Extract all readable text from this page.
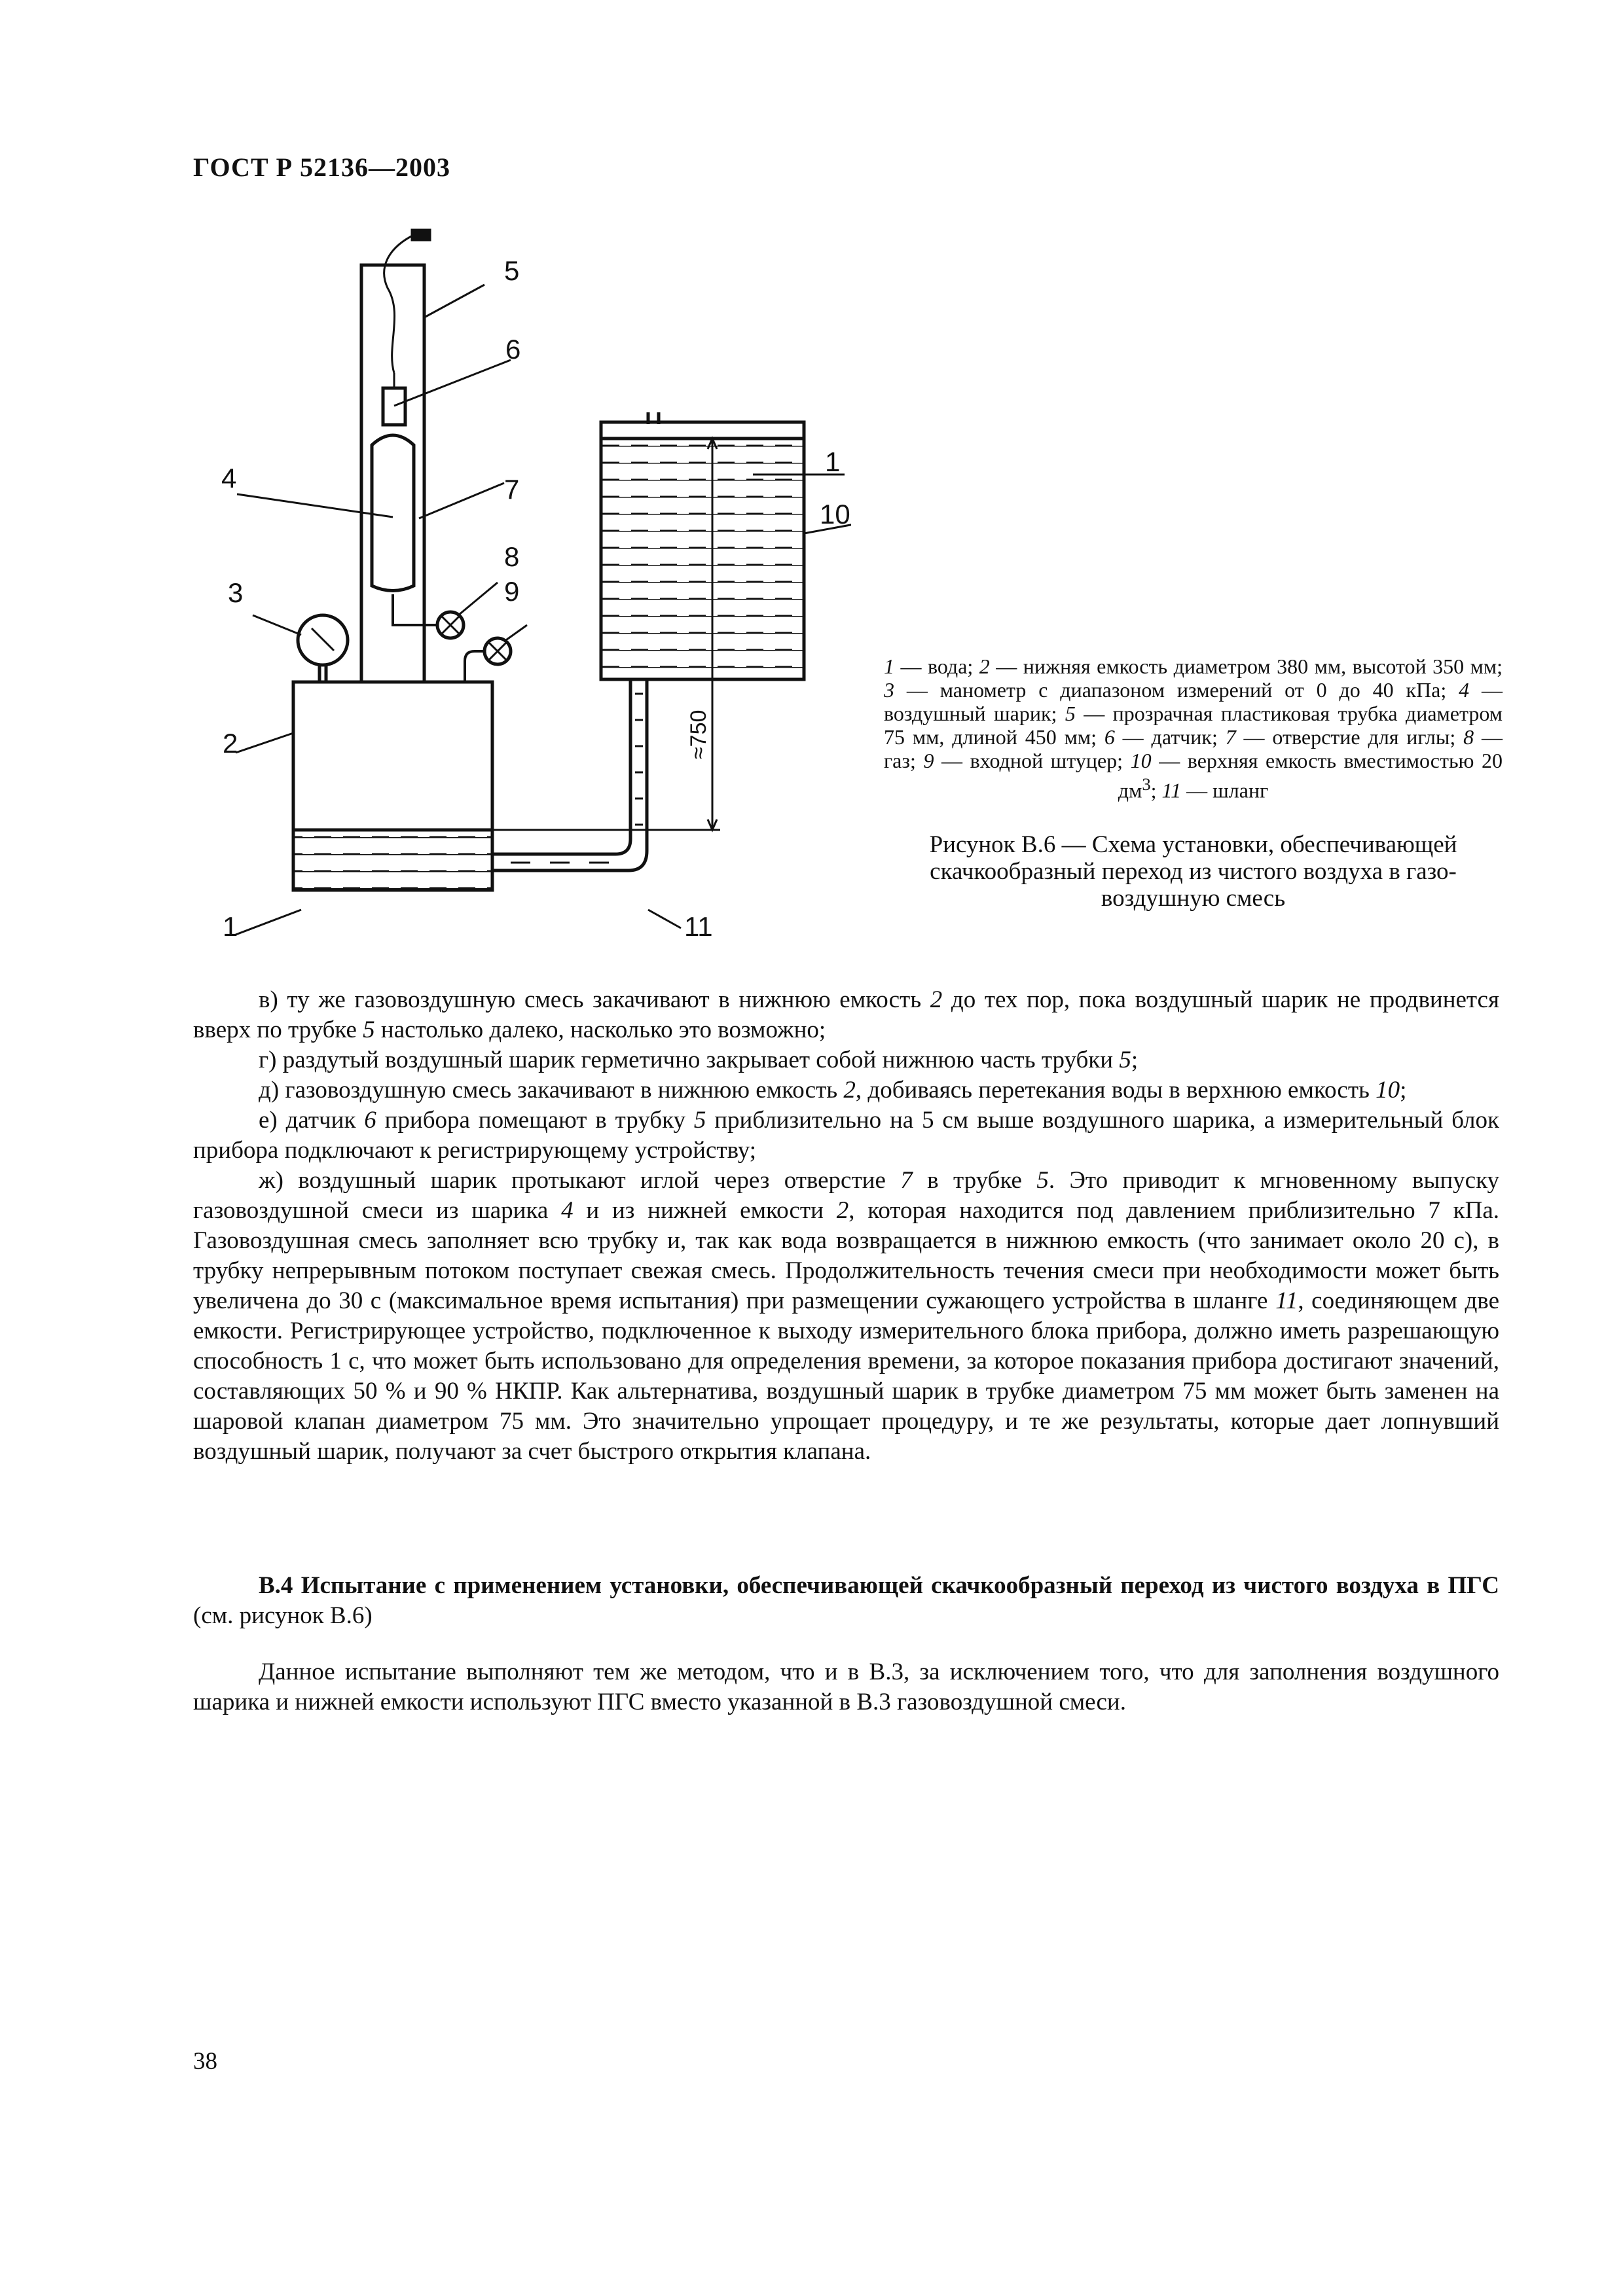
ГОСТ Р 52136—2003
≈750
5
6
4	7
8
9
3
2
1
1
10
11
1 — вода; 2 — нижняя емкость диаметром 380 мм, высотой 350 мм; 3 — манометр с диапазоном измерений от 0 до 40 кПа; 4 — воздушный шарик; 5 — прозрачная пластиковая трубка диаметром 75 мм, длиной 450 мм; 6 — датчик; 7 — отверстие для иглы; 8 — газ; 9 — входной штуцер; 10 — верхняя емкость вместимостью 20 $дм^3$; 11 — шланг
Рисунок В.6 — Схема установки, обеспечивающей
скачкообразный переход из чистого воздуха в газо-
воздушную смесь

в) ту же газовоздушную смесь закачивают в нижнюю емкость 2 до тех пор, пока воздушный шарик не продвинется вверх по трубке 5 настолько далеко, насколько это возможно;

г) раздутый воздушный шарик герметично закрывает собой нижнюю часть трубки 5;

д) газовоздушную смесь закачивают в нижнюю емкость 2, добиваясь перетекания воды в верхнюю емкость 10;

е) датчик 6 прибора помещают в трубку 5 приблизительно на 5 см выше воздушного шарика, а измерительный блок прибора подключают к регистрирующему устройству;

ж) воздушный шарик протыкают иглой через отверстие 7 в трубке 5. Это приводит к мгновенному выпуску газовоздушной смеси из шарика 4 и из нижней емкости 2, которая находится под давлением приблизительно 7 кПа. Газовоздушная смесь заполняет всю трубку и, так как вода возвращается в нижнюю емкость (что занимает около 20 с), в трубку непрерывным потоком поступает свежая смесь. Продолжительность течения смеси при необходимости может быть увеличена до 30 с (максимальное время испытания) при размещении сужающего устройства в шланге 11, соединяющем две емкости. Регистрирующее устройство, подключенное к выходу измерительного блока прибора, должно иметь разрешающую способность 1 с, что может быть использовано для определения времени, за которое показания прибора достигают значений, составляющих 50 % и 90 % НКПР. Как альтернатива, воздушный шарик в трубке диаметром 75 мм может быть заменен на шаровой клапан диаметром 75 мм. Это значительно упрощает процедуру, и те же результаты, которые дает лопнувший воздушный шарик, получают за счет быстрого открытия клапана.

В.4 Испытание с применением установки, обеспечивающей скачкообразный переход из чистого воздуха в ПГС (см. рисунок В.6)

Данное испытание выполняют тем же методом, что и в В.3, за исключением того, что для заполнения воздушного шарика и нижней емкости используют ПГС вместо указанной в В.3 газовоздушной смеси.

38
